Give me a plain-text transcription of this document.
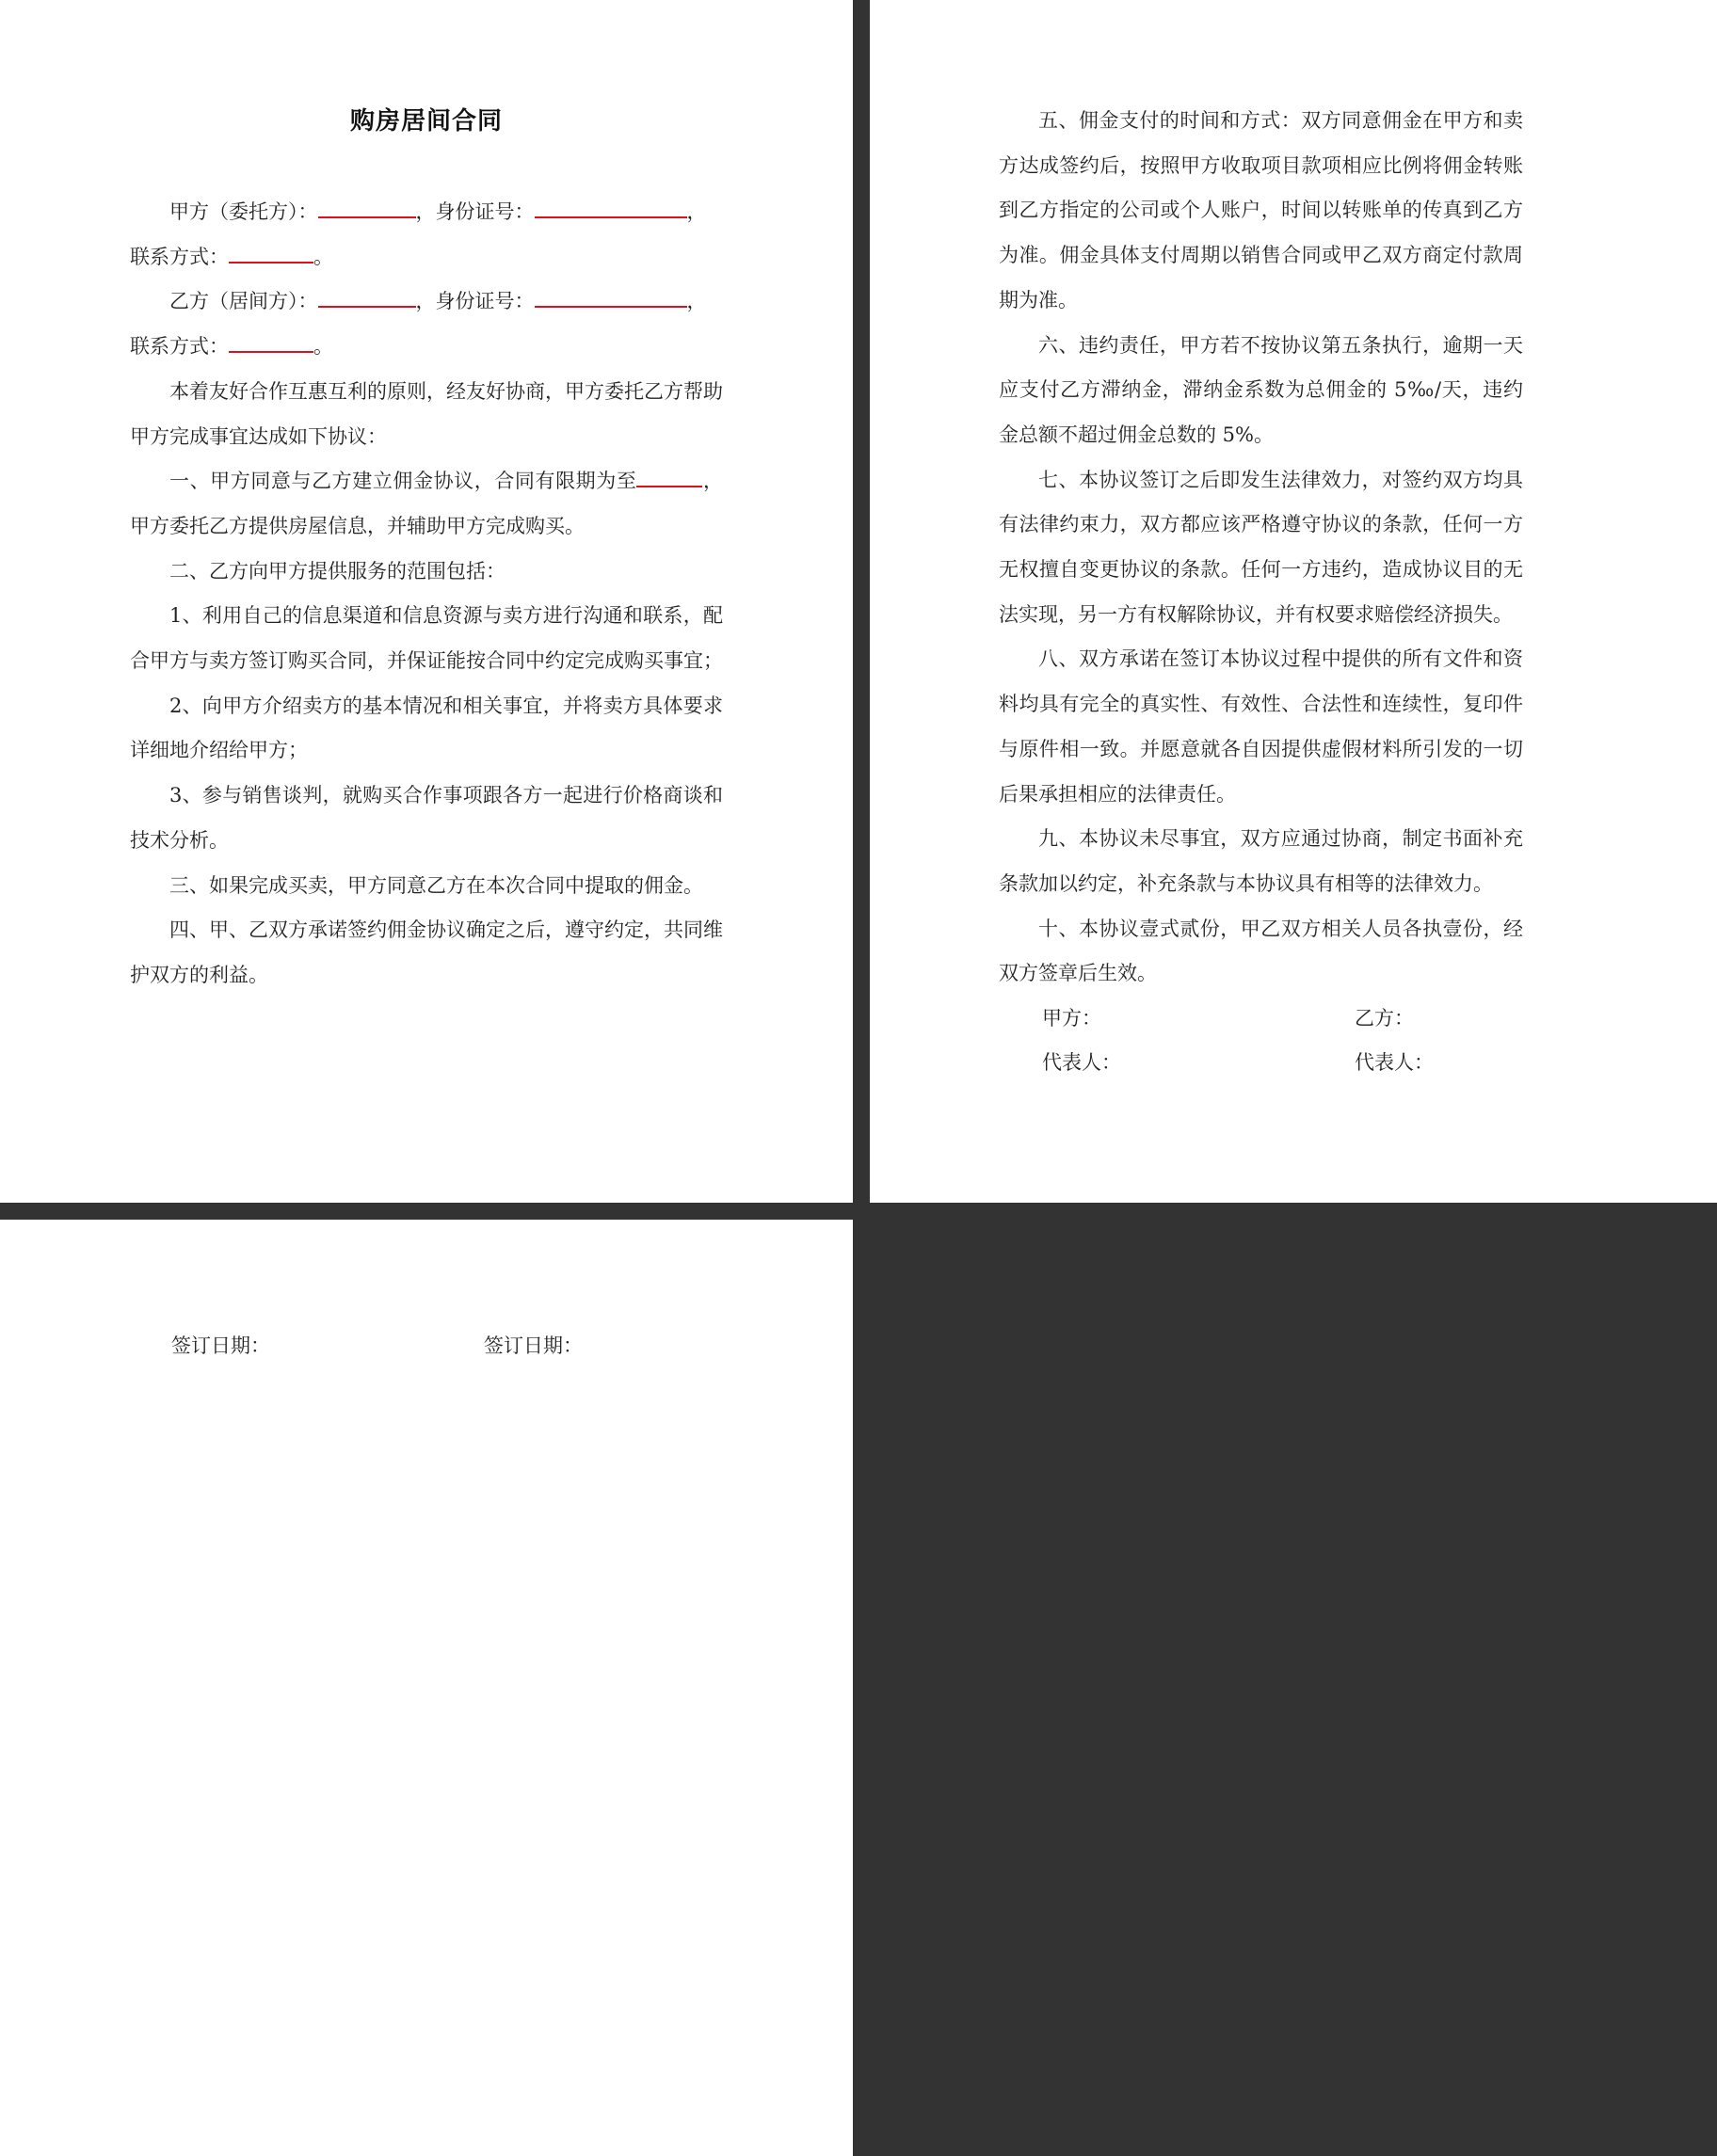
购房居间合同

甲方（委托方）：	，身份证号：	，

联系方式：	。

乙方（居间方）：	，身份证号：	，

联系方式：	。

本着友好合作互惠互利的原则，经友好协商，甲方委托乙方帮助甲方完成事宜达成如下协议：

一、甲方同意与乙方建立佣金协议，合同有限期为至	，甲方委托乙方提供房屋信息，并辅助甲方完成购买。

二、乙方向甲方提供服务的范围包括：

1、利用自己的信息渠道和信息资源与卖方进行沟通和联系，配合甲方与卖方签订购买合同，并保证能按合同中约定完成购买事宜；

2、向甲方介绍卖方的基本情况和相关事宜，并将卖方具体要求详细地介绍给甲方；

3、参与销售谈判，就购买合作事项跟各方一起进行价格商谈和技术分析。

三、如果完成买卖，甲方同意乙方在本次合同中提取的佣金。

四、甲、乙双方承诺签约佣金协议确定之后，遵守约定，共同维护双方的利益。

五、佣金支付的时间和方式：双方同意佣金在甲方和卖方达成签约后，按照甲方收取项目款项相应比例将佣金转账到乙方指定的公司或个人账户，时间以转账单的传真到乙方为准。佣金具体支付周期以销售合同或甲乙双方商定付款周期为准。

六、违约责任，甲方若不按协议第五条执行，逾期一天应支付乙方滞纳金，滞纳金系数为总佣金的 5‰/天，违约金总额不超过佣金总数的 5%。

七、本协议签订之后即发生法律效力，对签约双方均具有法律约束力，双方都应该严格遵守协议的条款，任何一方无权擅自变更协议的条款。任何一方违约，造成协议目的无法实现，另一方有权解除协议，并有权要求赔偿经济损失。

八、双方承诺在签订本协议过程中提供的所有文件和资料均具有完全的真实性、有效性、合法性和连续性，复印件与原件相一致。并愿意就各自因提供虚假材料所引发的一切后果承担相应的法律责任。

九、本协议未尽事宜，双方应通过协商，制定书面补充条款加以约定，补充条款与本协议具有相等的法律效力。

十、本协议壹式贰份，甲乙双方相关人员各执壹份，经双方签章后生效。

甲方：	乙方：
代表人：	代表人：
签订日期：	签订日期：
